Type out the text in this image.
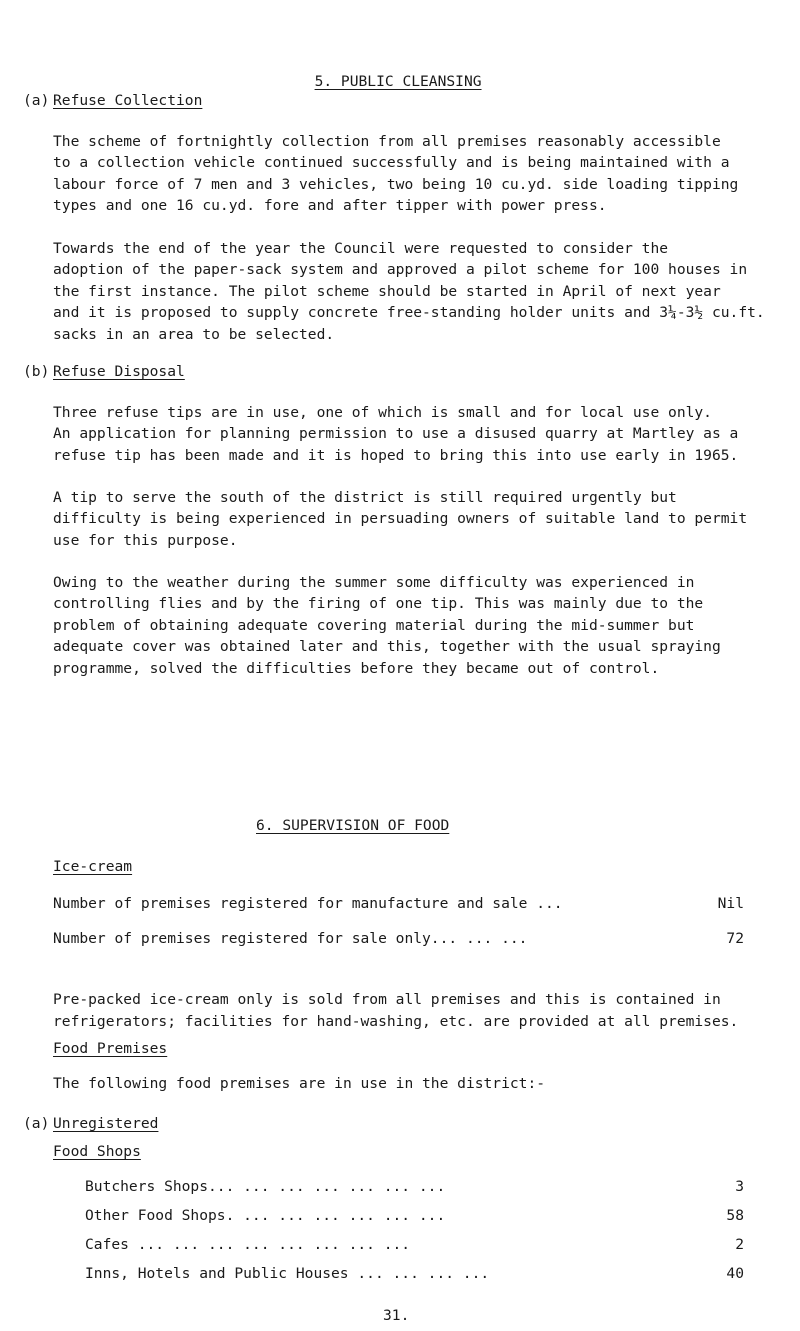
5. PUBLIC CLEANSING

(a) Refuse Collection
The scheme of fortnightly collection from all premises reasonably accessible
to a collection vehicle continued successfully and is being maintained with a
labour force of 7 men and 3 vehicles, two being 10 cu.yd. side loading tipping
types and one 16 cu.yd. fore and after tipper with power press.
Towards the end of the year the Council were requested to consider the
adoption of the paper-sack system and approved a pilot scheme for 100 houses in
the first instance. The pilot scheme should be started in April of next year
and it is proposed to supply concrete free-standing holder units and 3¼-3½ cu.ft.
sacks in an area to be selected.
(b) Refuse Disposal
Three refuse tips are in use, one of which is small and for local use only.
An application for planning permission to use a disused quarry at Martley as a
refuse tip has been made and it is hoped to bring this into use early in 1965.
A tip to serve the south of the district is still required urgently but
difficulty is being experienced in persuading owners of suitable land to permit
use for this purpose.
Owing to the weather during the summer some difficulty was experienced in
controlling flies and by the firing of one tip. This was mainly due to the
problem of obtaining adequate covering material during the mid-summer but
adequate cover was obtained later and this, together with the usual spraying
programme, solved the difficulties before they became out of control.
6. SUPERVISION OF FOOD
Ice-cream
Number of premises registered for manufacture and sale ...	Nil
Number of premises registered for sale only... ... ...	72

Pre-packed ice-cream only is sold from all premises and this is contained in
refrigerators; facilities for hand-washing, etc. are provided at all premises.

Food Premises
The following food premises are in use in the district:-
(a) Unregistered
Food Shops
Butchers Shops... ... ... ... ... ... ...	3
Other Food Shops. ... ... ... ... ... ...	58
Cafes ... ... ... ... ... ... ... ...	2
Inns, Hotels and Public Houses ... ... ... ...	40
31.
